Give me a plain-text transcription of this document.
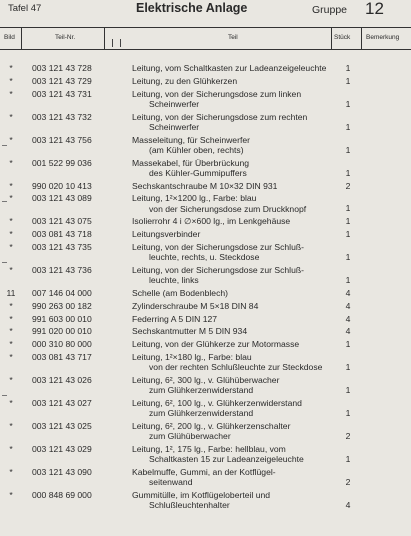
Tafel 47	Elektrische Anlage	Gruppe 12
Bild	Teil-Nr.	Teil	Stück Bemerkung
*	003 121 43 728	Leitung, vom Schaltkasten zur Ladeanzeigeleuchte	1
*	003 121 43 729	Leitung, zu den Glühkerzen	1
*	003 121 43 731	Leitung, von der Sicherungsdose zum linken
Scheinwerfer	1
*	003 121 43 732	Leitung, von der Sicherungsdose zum rechten
Scheinwerfer	1
*	003 121 43 756	Masseleitung, für Scheinwerfer
(am Kühler oben, rechts)	1
*	001 522 99 036	Massekabel, für Überbrückung
des Kühler-Gummipuffers	1
*	990 020 10 413	Sechskantschraube M 10×32 DIN 931	2
*	003 121 43 089	Leitung, 1²×1200 lg., Farbe: blau
von der Sicherungsdose zum Druckknopf	1
*	003 121 43 075	Isolierrohr 4 i ∅×600 lg., im Lenkgehäuse	1
*	003 081 43 718	Leitungsverbinder	1
*	003 121 43 735	Leitung, von der Sicherungsdose zur Schluß-
leuchte, rechts, u. Steckdose	1
*	003 121 43 736	Leitung, von der Sicherungsdose zur Schluß-
leuchte, links	1
11	007 146 04 000	Schelle (am Bodenblech)	4
*	990 263 00 182	Zylinderschraube M 5×18 DIN 84	4
*	991 603 00 010	Federring A 5 DIN 127	4
*	991 020 00 010	Sechskantmutter M 5 DIN 934	4
*	000 310 80 000	Leitung, von der Glühkerze zur Motormasse	1
*	003 081 43 717	Leitung, 1²×180 lg., Farbe: blau
von der rechten Schlußleuchte zur Steckdose	1
*	003 121 43 026	Leitung, 6², 300 lg., v. Glühüberwacher
zum Glühkerzenwiderstand	1
*	003 121 43 027	Leitung, 6², 100 lg., v. Glühkerzenwiderstand
zum Glühkerzenwiderstand	1
*	003 121 43 025	Leitung, 6², 200 lg., v. Glühkerzenschalter
zum Glühüberwacher	2
*	003 121 43 029	Leitung, 1², 175 lg., Farbe: hellblau, vom
Schaltkasten 15 zur Ladeanzeigeleuchte	1
*	003 121 43 090	Kabelmuffe, Gummi, an der Kotflügel-
seitenwand	2
*	000 848 69 000	Gummitülle, im Kotflügeloberteil und
Schlußleuchtenhalter	4
